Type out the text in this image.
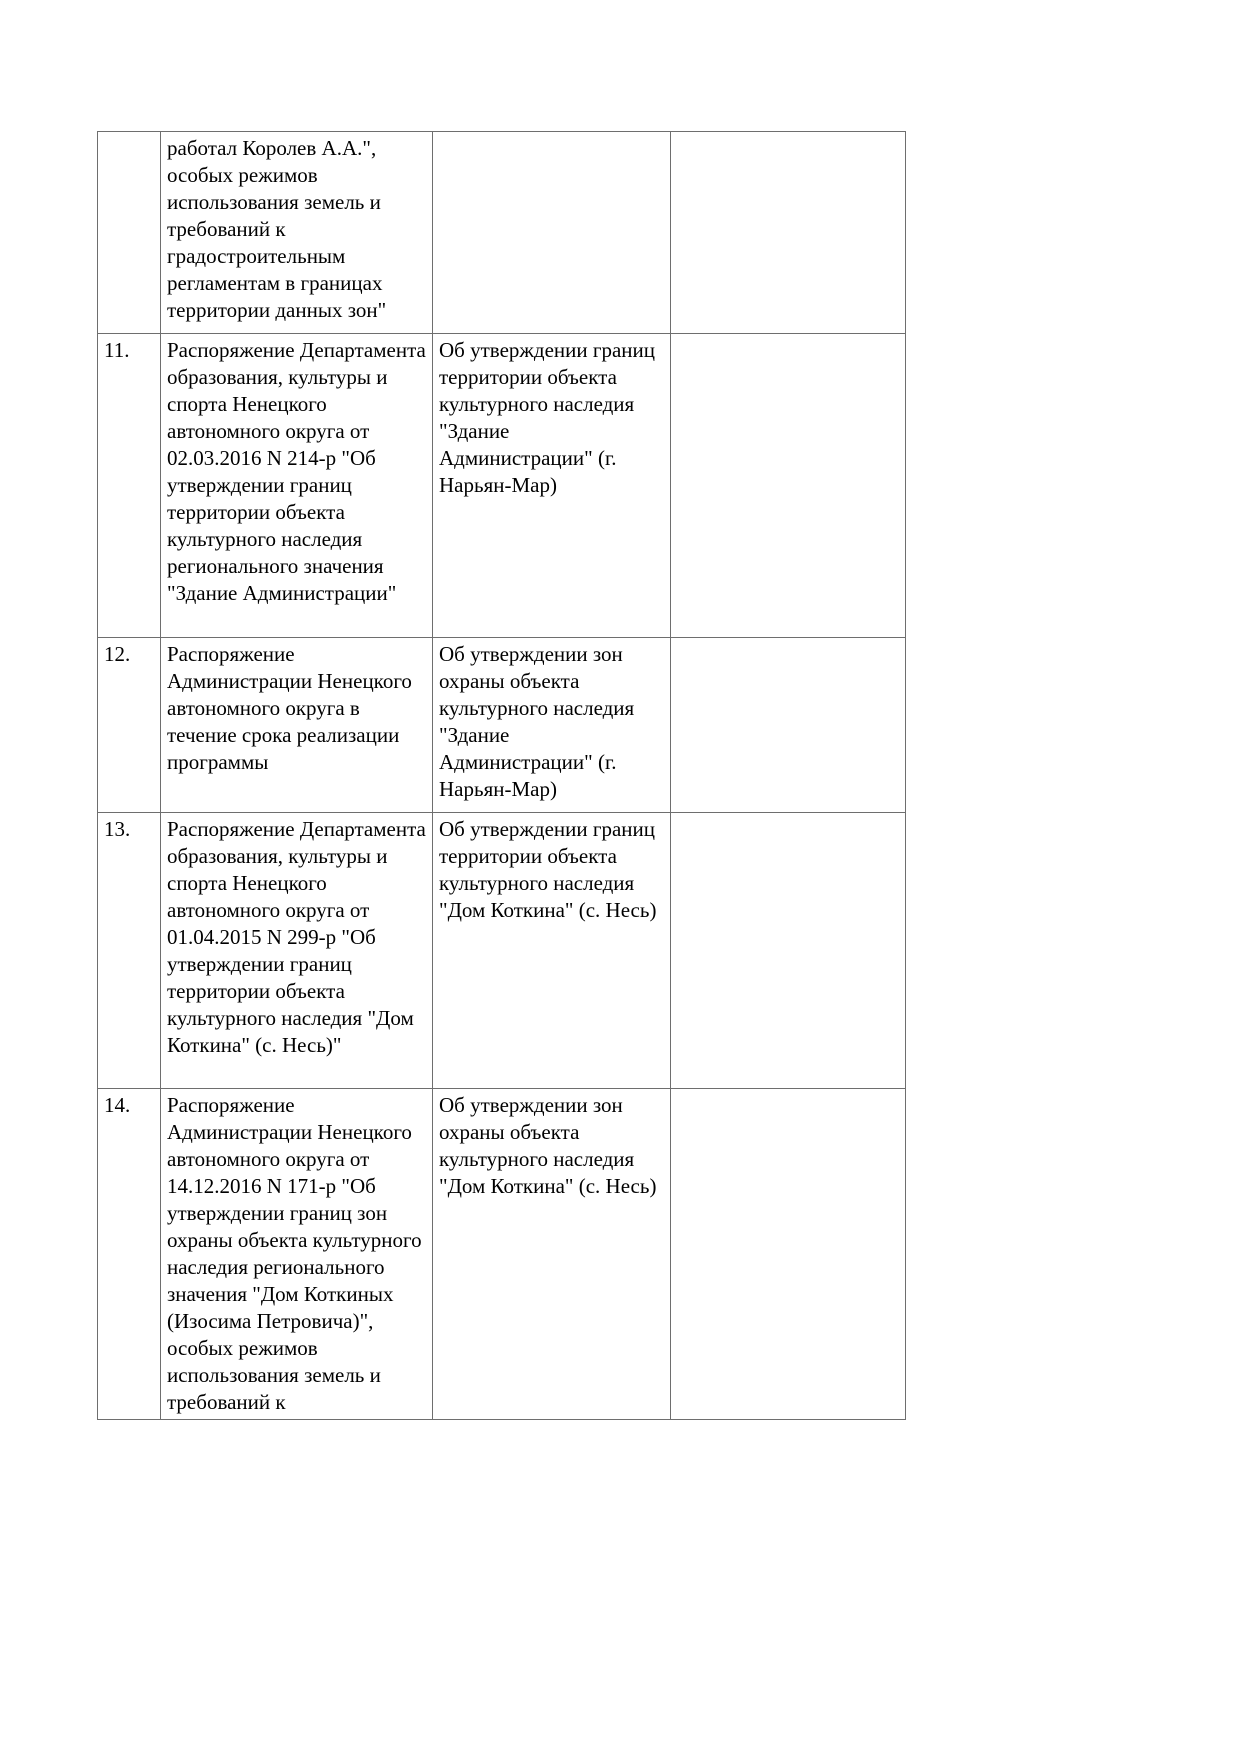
	работал Королев А.А.", особых режимов использования земель и требований к градостроительным регламентам в границах территории данных зон"		
11.	Распоряжение Департамента образования, культуры и спорта Ненецкого автономного округа от 02.03.2016 N 214-р "Об утверждении границ территории объекта культурного наследия регионального значения "Здание Администрации"	Об утверждении границ территории объекта культурного наследия "Здание Администрации" (г. Нарьян-Мар)	
12.	Распоряжение Администрации Ненецкого автономного округа в течение срока реализации программы	Об утверждении зон охраны объекта культурного наследия "Здание Администрации" (г. Нарьян-Мар)	
13.	Распоряжение Департамента образования, культуры и спорта Ненецкого автономного округа от 01.04.2015 N 299-р "Об утверждении границ территории объекта культурного наследия "Дом Коткина" (с. Несь)"	Об утверждении границ территории объекта культурного наследия "Дом Коткина" (с. Несь)	
14.	Распоряжение Администрации Ненецкого автономного округа от 14.12.2016 N 171-р "Об утверждении границ зон охраны объекта культурного наследия регионального значения "Дом Коткиных (Изосима Петровича)", особых режимов использования земель и требований к	Об утверждении зон охраны объекта культурного наследия "Дом Коткина" (с. Несь)	
